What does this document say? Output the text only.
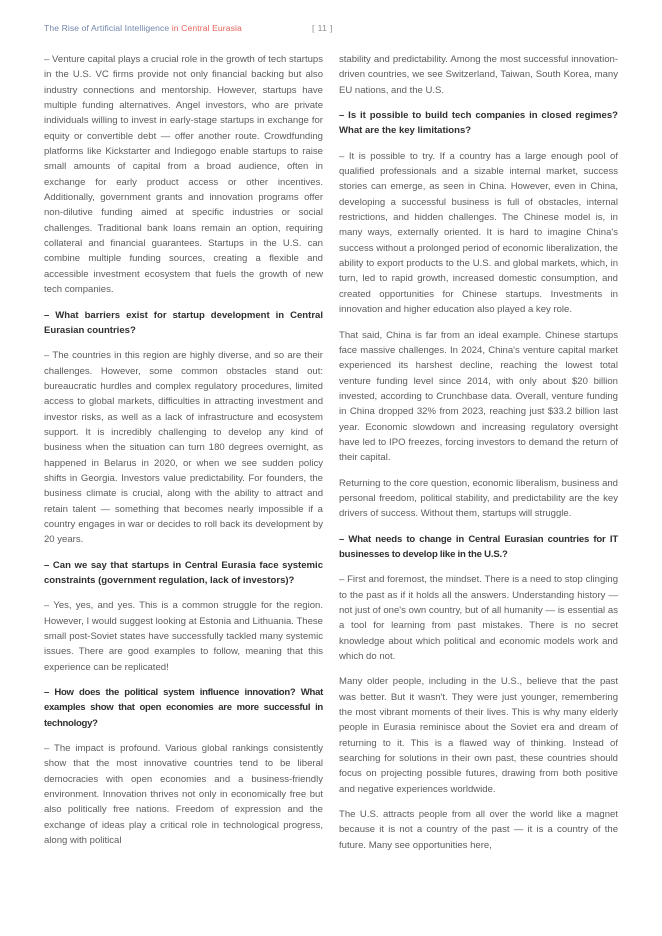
The Rise of Artificial Intelligence in Central Eurasia	[ 11 ]

– Venture capital plays a crucial role in the growth of tech startups in the U.S. VC firms provide not only financial backing but also industry connections and mentorship. However, startups have multiple funding alternatives. Angel investors, who are private individuals willing to invest in early-stage startups in exchange for equity or convertible debt — offer another route. Crowdfunding platforms like Kickstarter and Indiegogo enable startups to raise small amounts of capital from a broad audience, often in exchange for early product access or other incentives. Additionally, government grants and innovation programs offer non-dilutive funding aimed at specific industries or social challenges. Traditional bank loans remain an option, requiring collateral and financial guarantees. Startups in the U.S. can combine multiple funding sources, creating a flexible and accessible investment ecosystem that fuels the growth of new tech companies.

– What barriers exist for startup development in Central Eurasian countries?

– The countries in this region are highly diverse, and so are their challenges. However, some common obstacles stand out: bureaucratic hurdles and complex regulatory procedures, limited access to global markets, difficulties in attracting investment and investor risks, as well as a lack of infrastructure and ecosystem support. It is incredibly challenging to develop any kind of business when the situation can turn 180 degrees overnight, as happened in Belarus in 2020, or when we see sudden policy shifts in Georgia. Investors value predictability. For founders, the business climate is crucial, along with the ability to attract and retain talent — something that becomes nearly impossible if a country engages in war or decides to roll back its development by 20 years.

– Can we say that startups in Central Eurasia face systemic constraints (government regulation, lack of investors)?

– Yes, yes, and yes. This is a common struggle for the region. However, I would suggest looking at Estonia and Lithuania. These small post-Soviet states have successfully tackled many systemic issues. There are good examples to follow, meaning that this experience can be replicated!

– How does the political system influence innovation? What examples show that open economies are more successful in technology?

– The impact is profound. Various global rankings consistently show that the most innovative countries tend to be liberal democracies with open economies and a business-friendly environment. Innovation thrives not only in economically free but also politically free nations. Freedom of expression and the exchange of ideas play a critical role in technological progress, along with political

stability and predictability. Among the most successful innovation-driven countries, we see Switzerland, Taiwan, South Korea, many EU nations, and the U.S.

– Is it possible to build tech companies in closed regimes? What are the key limitations?

– It is possible to try. If a country has a large enough pool of qualified professionals and a sizable internal market, success stories can emerge, as seen in China. However, even in China, developing a successful business is full of obstacles, internal restrictions, and hidden challenges. The Chinese model is, in many ways, externally oriented. It is hard to imagine China's success without a prolonged period of economic liberalization, the ability to export products to the U.S. and global markets, which, in turn, led to rapid growth, increased domestic consumption, and created opportunities for Chinese startups. Investments in innovation and higher education also played a key role.

That said, China is far from an ideal example. Chinese startups face massive challenges. In 2024, China's venture capital market experienced its harshest decline, reaching the lowest total venture funding level since 2014, with only about $20 billion invested, according to Crunchbase data. Overall, venture funding in China dropped 32% from 2023, reaching just $33.2 billion last year. Economic slowdown and increasing regulatory oversight have led to IPO freezes, forcing investors to demand the return of their capital.

Returning to the core question, economic liberalism, business and personal freedom, political stability, and predictability are the key drivers of success. Without them, startups will struggle.

– What needs to change in Central Eurasian countries for IT businesses to develop like in the U.S.?

– First and foremost, the mindset. There is a need to stop clinging to the past as if it holds all the answers. Understanding history — not just of one's own country, but of all humanity — is essential as a tool for learning from past mistakes. There is no secret knowledge about which political and economic models work and which do not.

Many older people, including in the U.S., believe that the past was better. But it wasn't. They were just younger, remembering the most vibrant moments of their lives. This is why many elderly people in Eurasia reminisce about the Soviet era and dream of returning to it. This is a flawed way of thinking. Instead of searching for solutions in their own past, these countries should focus on projecting possible futures, drawing from both positive and negative experiences worldwide.

The U.S. attracts people from all over the world like a magnet because it is not a country of the past — it is a country of the future. Many see opportunities here,
